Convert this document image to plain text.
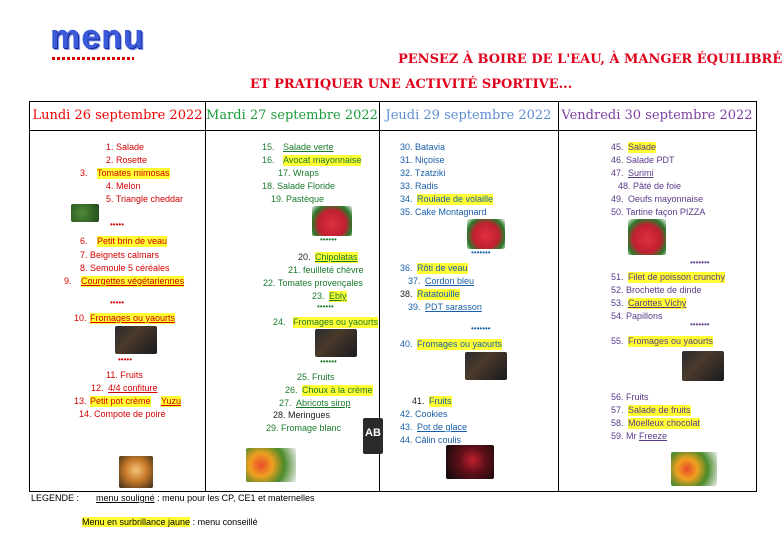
menu
PENSEZ À BOIRE DE L'EAU, À MANGER ÉQUILIBRÉ
ET PRATIQUER UNE ACTIVITÉ SPORTIVE...
Lundi 26 septembre 2022
1. Salade
2. Rosette
3. Tomates mimosas
4. Melon
5. Triangle cheddar
•••••
6. Petit brin de veau
7. Beignets calmars
8. Semoule 5 céréales
9. Courgettes végétariennes
•••••
10. Fromages ou yaourts
•••••
11. Fruits
12. 4/4 confiture
13. Petit pot crème Yuzu
14. Compote de poire
Mardi 27 septembre 2022
15. Salade verte
16. Avocat mayonnaise
17. Wraps
18. Salade Floride
19. Pastèque
••••••
20. Chipolatas
21. feuilleté chèvre
22. Tomates provençales
23. Ebly
••••••
24. Fromages ou yaourts
••••••
25. Fruits
26. Choux à la crème
27. Abricots sirop
28. Meringues
29. Fromage blanc AB
Jeudi 29 septembre 2022
30. Batavia
31. Niçoise
32. Tzatziki
33. Radis
34. Roulade de volaille
35. Cake Montagnard
•••••••
36. Rôti de veau
37. Cordon bleu
38. Ratatouille
39. PDT sarasson
•••••••
40. Fromages ou yaourts
41. Fruits
42. Cookies
43. Pot de glace
44. Câlin coulis
Vendredi 30 septembre 2022
45. Salade
46. Salade PDT
47. Surimi
48. Pâté de foie
49. Oeufs mayonnaise
50. Tartine façon PIZZA
•••••••
51. Filet de poisson crunchy
52. Brochette de dinde
53. Carottes Vichy
54. Papillons
•••••••
55. Fromages ou yaourts
56. Fruits
57. Salade de fruits
58. Moelleux chocolat
59. Mr Freeze
LEGENDE : menu souligné : menu pour les CP, CE1 et maternelles
Menu en surbrillance jaune : menu conseillé
